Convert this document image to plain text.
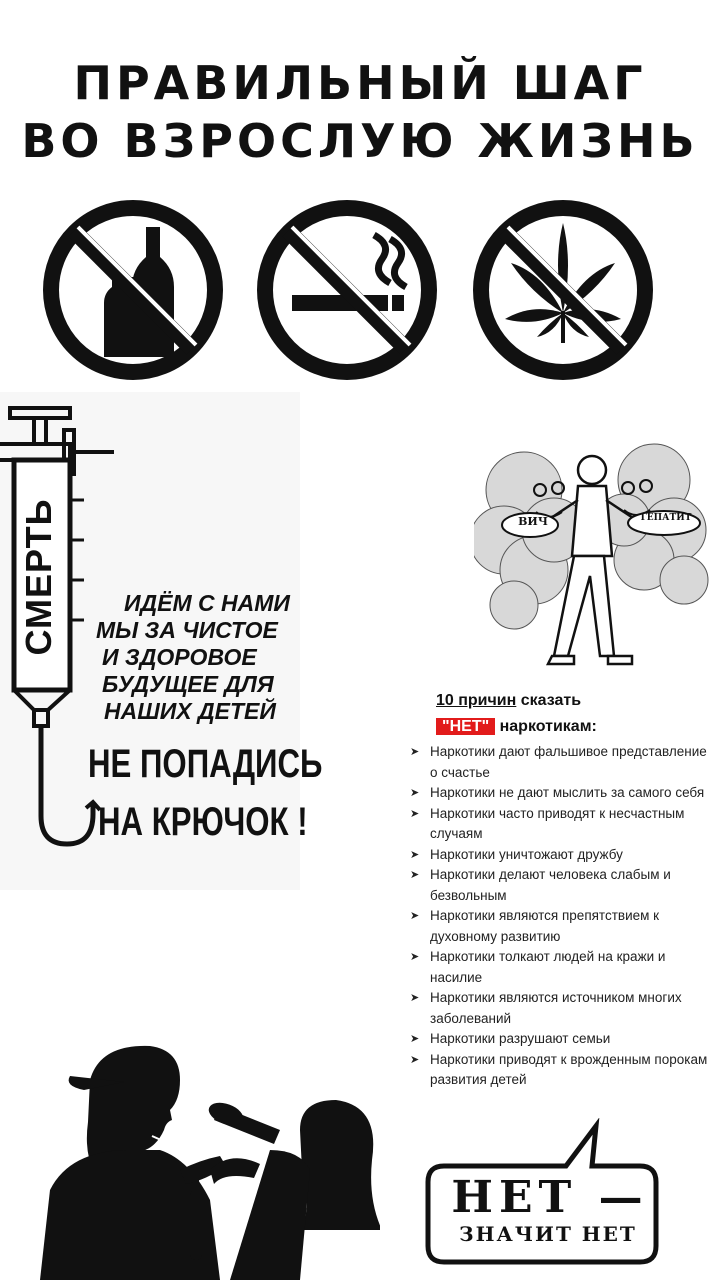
ПРАВИЛЬНЫЙ ШАГ
ВО ВЗРОСЛУЮ ЖИЗНЬ
СМЕРТЬ	ИДЁМ С НАМИ
МЫ ЗА ЧИСТОЕ
И ЗДОРОВОЕ
БУДУЩЕЕ ДЛЯ
НАШИХ ДЕТЕЙ
НЕ ПОПАДИСЬ
НА КРЮЧОК !
ВИЧ	ГЕПАТИТ
10 причин сказать
"НЕТ" наркотикам:
➤ Наркотики дают фальшивое представление о счастье
➤ Наркотики не дают мыслить за самого себя
➤ Наркотики часто приводят к несчастным случаям
➤ Наркотики уничтожают дружбу
➤ Наркотики делают человека слабым и безвольным
➤ Наркотики являются препятствием к духовному развитию
➤ Наркотики толкают людей на кражи и насилие
➤ Наркотики являются источником многих заболеваний
➤ Наркотики разрушают семьи
➤ Наркотики приводят к врожденным порокам развития детей
НЕТ —
ЗНАЧИТ НЕТ
